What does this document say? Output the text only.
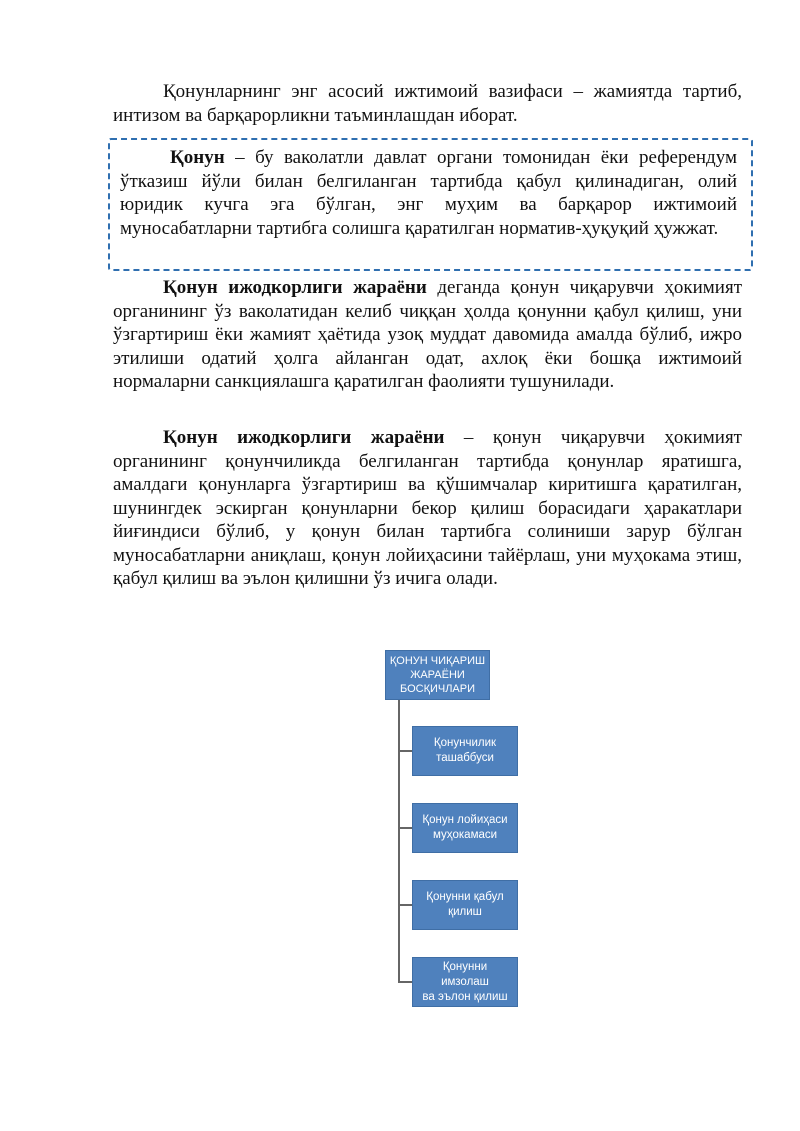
Қонунларнинг энг асосий ижтимоий вазифаси – жамиятда тартиб, интизом ва барқарорликни таъминлашдан иборат.

Қонун – бу ваколатли давлат органи томонидан ёки референдум ўтказиш йўли билан белгиланган тартибда қабул қилинадиган, олий юридик кучга эга бўлган, энг муҳим ва барқарор ижтимоий муносабатларни тартибга солишга қаратилган норматив-ҳуқуқий ҳужжат.

Қонун ижодкорлиги жараёни деганда қонун чиқарувчи ҳокимият органининг ўз ваколатидан келиб чиққан ҳолда қонунни қабул қилиш, уни ўзгартириш ёки жамият ҳаётида узоқ муддат давомида амалда бўлиб, ижро этилиши одатий ҳолга айланган одат, ахлоқ ёки бошқа ижтимоий нормаларни санкциялашга қаратилган фаолияти тушунилади.

Қонун ижодкорлиги жараёни – қонун чиқарувчи ҳокимият органининг қонунчиликда белгиланган тартибда қонунлар яратишга, амалдаги қонунларга ўзгартириш ва қўшимчалар киритишга қаратилган, шунингдек эскирган қонунларни бекор қилиш борасидаги ҳаракатлари йиғиндиси бўлиб, у қонун билан тартибга солиниши зарур бўлган муносабатларни аниқлаш, қонун лойиҳасини тайёрлаш, уни муҳокама этиш, қабул қилиш ва эълон қилишни ўз ичига олади.

ҚОНУН ЧИҚАРИШ
ЖАРАЁНИ
БОСҚИЧЛАРИ
Қонунчилик
ташаббуси
Қонун лойиҳаси
муҳокамаси
Қонунни қабул
қилиш
Қонунни
имзолаш
ва эълон қилиш
